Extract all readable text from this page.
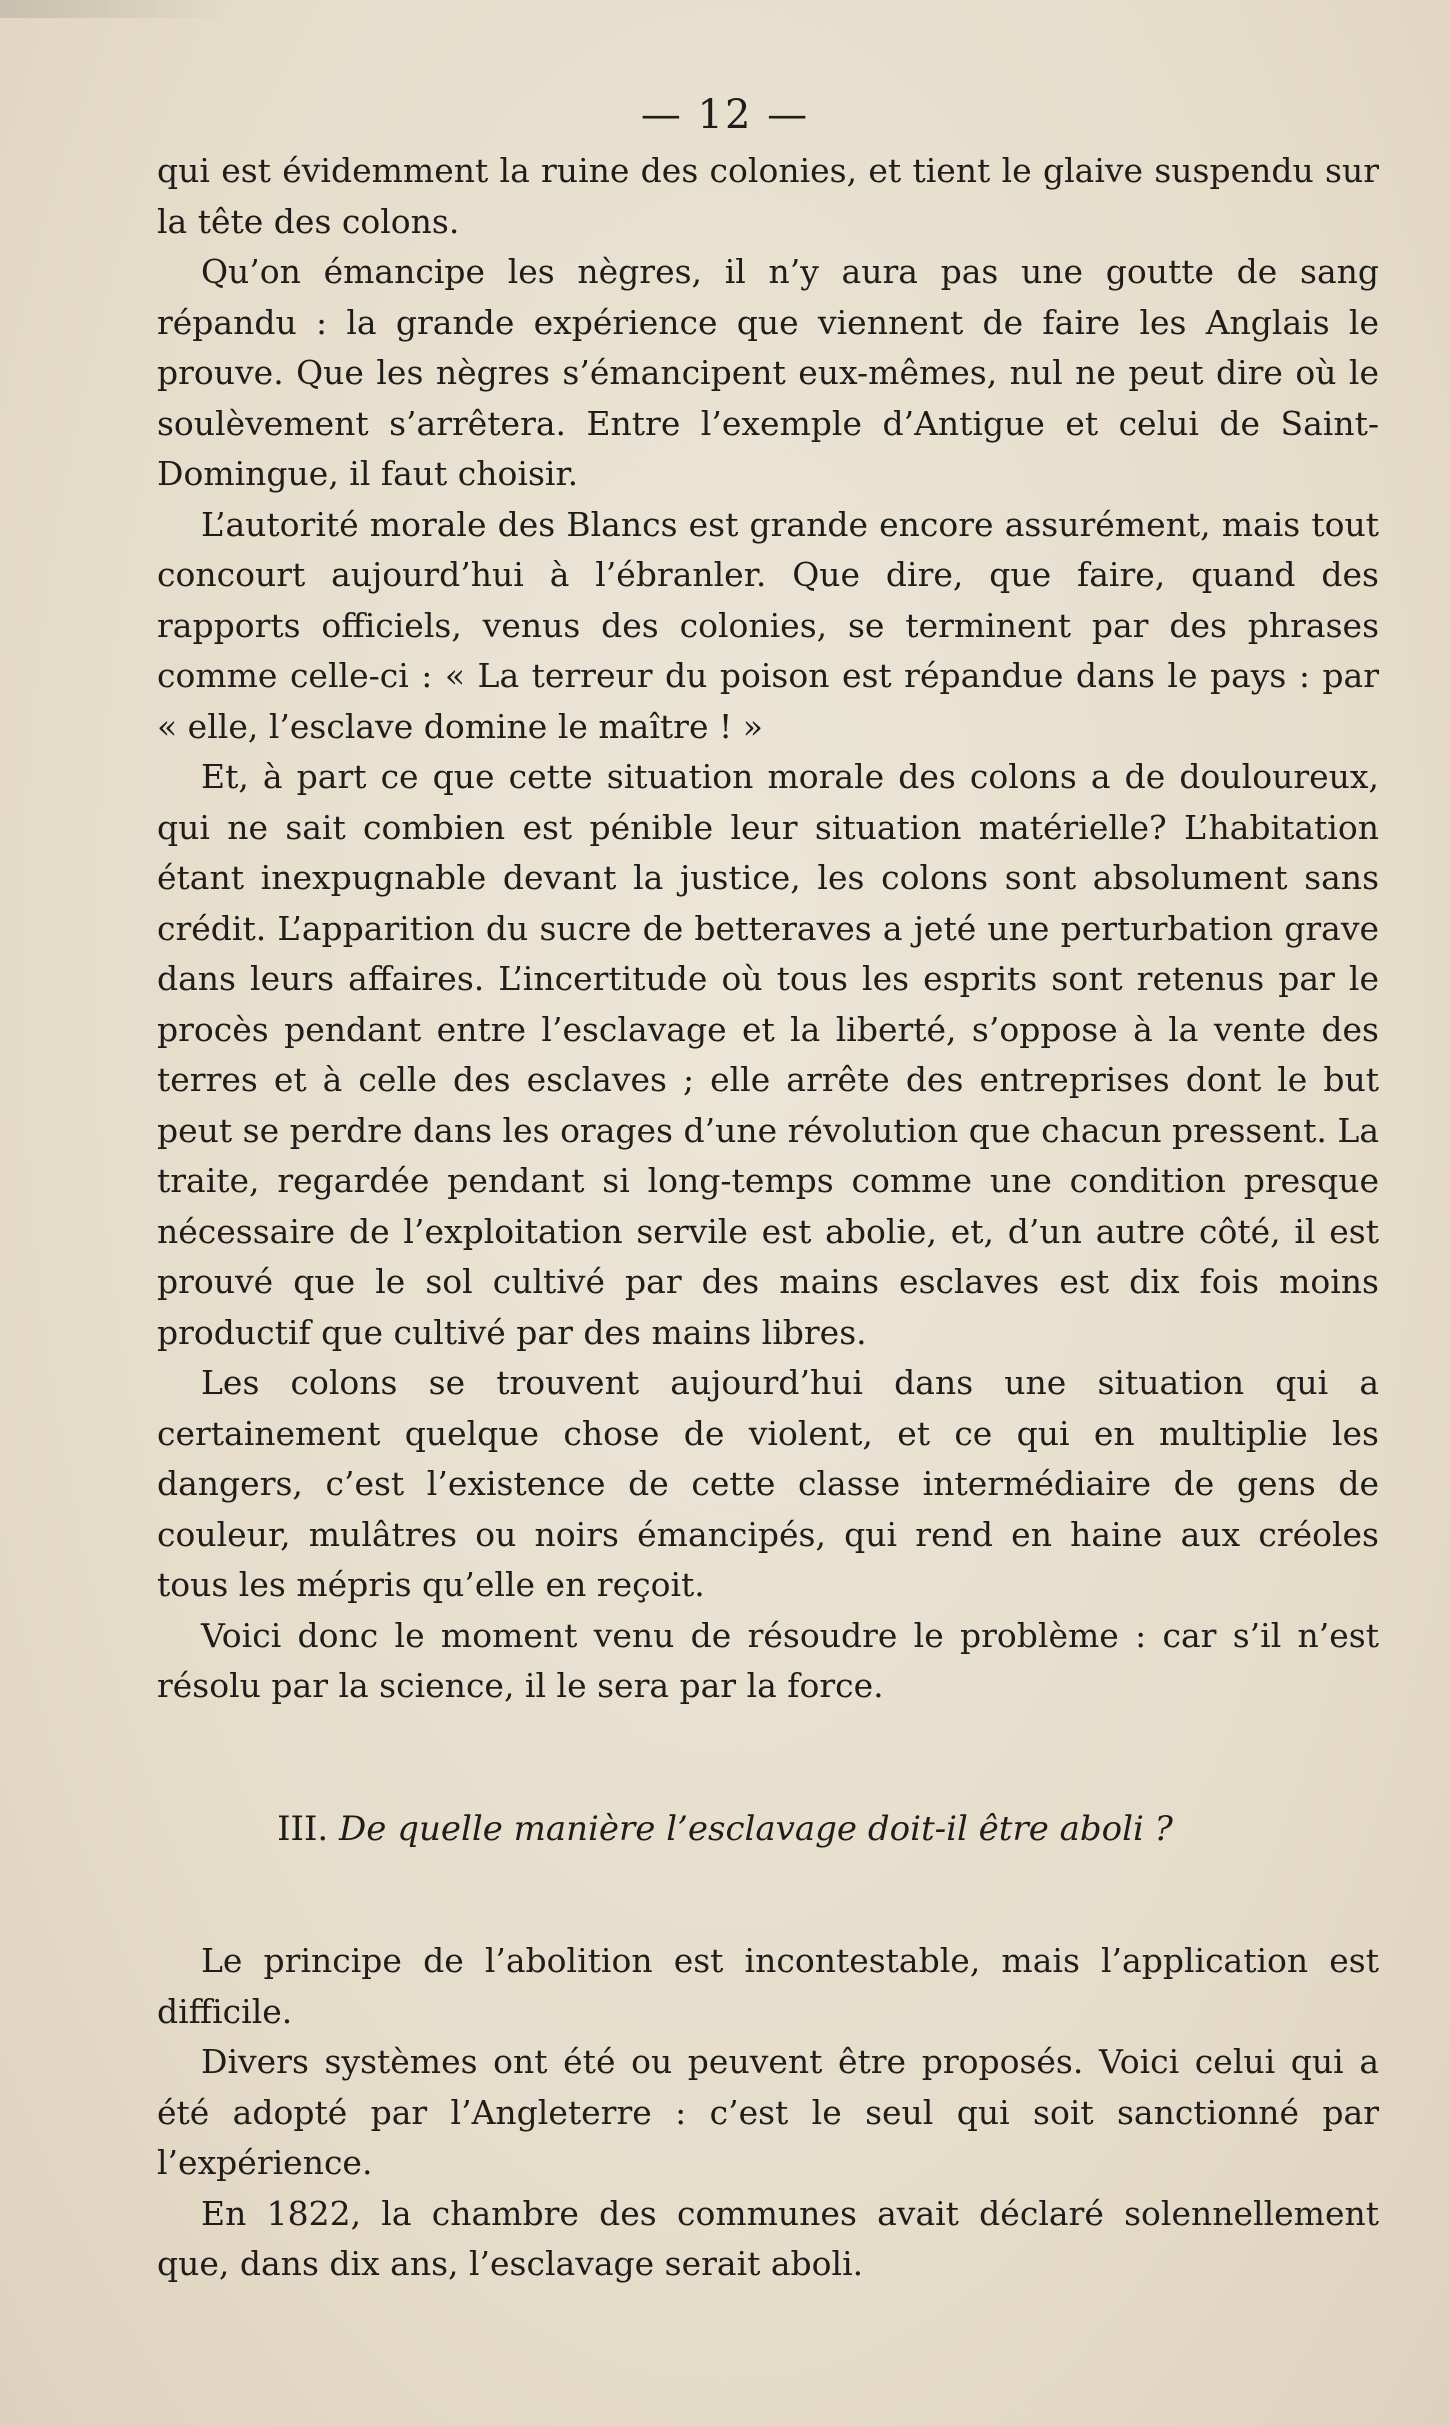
— 12 —

qui est évidemment la ruine des colonies, et tient le glaive suspendu sur la tête des colons.

Qu’on émancipe les nègres, il n’y aura pas une goutte de sang répandu : la grande expérience que viennent de faire les Anglais le prouve. Que les nègres s’émancipent eux-mêmes, nul ne peut dire où le soulèvement s’arrêtera. Entre l’exemple d’Antigue et celui de Saint-Domingue, il faut choisir.

L’autorité morale des Blancs est grande encore assurément, mais tout concourt aujourd’hui à l’ébranler. Que dire, que faire, quand des rapports officiels, venus des colonies, se terminent par des phrases comme celle-ci : « La terreur du poison est répandue dans le pays : par « elle, l’esclave domine le maître ! »

Et, à part ce que cette situation morale des colons a de douloureux, qui ne sait combien est pénible leur situation matérielle? L’habitation étant inexpugnable devant la justice, les colons sont absolument sans crédit. L’apparition du sucre de betteraves a jeté une perturbation grave dans leurs affaires. L’incertitude où tous les esprits sont retenus par le procès pendant entre l’esclavage et la liberté, s’oppose à la vente des terres et à celle des esclaves ; elle arrête des entreprises dont le but peut se perdre dans les orages d’une révolution que chacun pressent. La traite, regardée pendant si long-temps comme une condition presque nécessaire de l’exploitation servile est abolie, et, d’un autre côté, il est prouvé que le sol cultivé par des mains esclaves est dix fois moins productif que cultivé par des mains libres.

Les colons se trouvent aujourd’hui dans une situation qui a certainement quelque chose de violent, et ce qui en multiplie les dangers, c’est l’existence de cette classe intermédiaire de gens de couleur, mulâtres ou noirs émancipés, qui rend en haine aux créoles tous les mépris qu’elle en reçoit.

Voici donc le moment venu de résoudre le problème : car s’il n’est résolu par la science, il le sera par la force.

III. De quelle manière l’esclavage doit-il être aboli ?

Le principe de l’abolition est incontestable, mais l’application est difficile.

Divers systèmes ont été ou peuvent être proposés. Voici celui qui a été adopté par l’Angleterre : c’est le seul qui soit sanctionné par l’expérience.

En 1822, la chambre des communes avait déclaré solennellement que, dans dix ans, l’esclavage serait aboli.
